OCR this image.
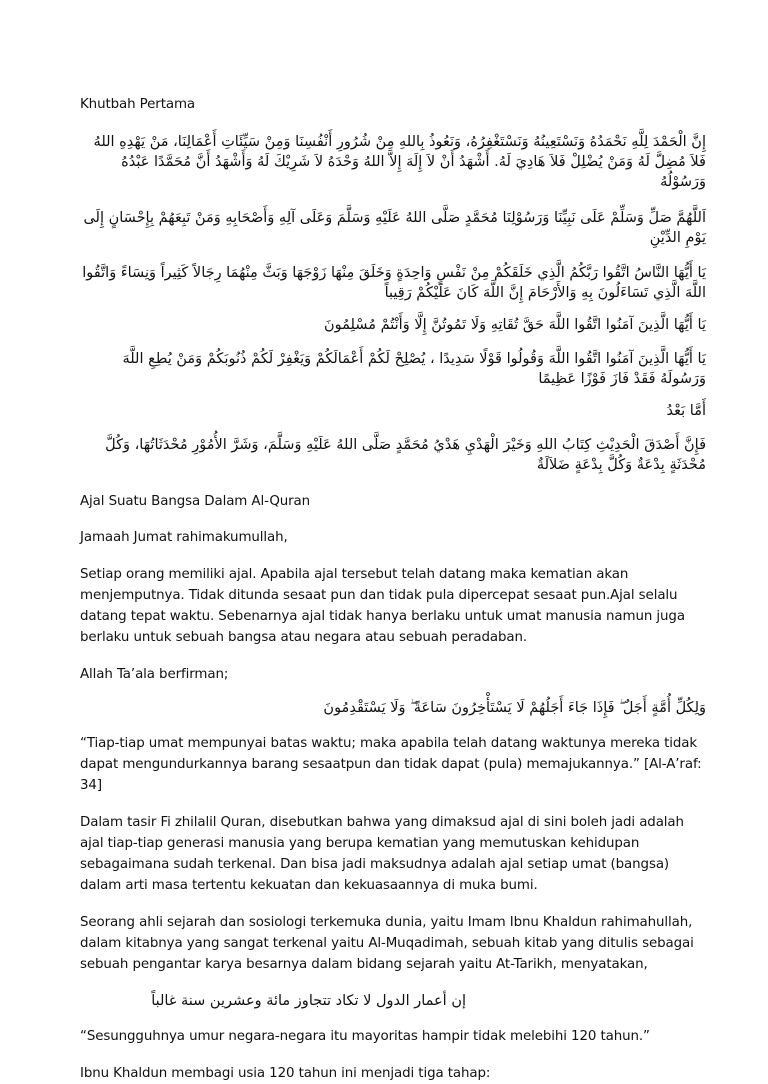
Khutbah Pertama

إِنَّ الْحَمْدَ لِلَّهِ نَحْمَدُهُ وَنَسْتَعِينُهُ وَنَسْتَغْفِرُهُ، وَنَعُوذُ بِاللهِ مِنْ شُرُورِ أَنْفُسِنَا وَمِنْ سَيِّئَاتِ أَعْمَالِنَا، مَنْ يَهْدِهِ اللهُ فَلاَ مُضِلَّ لَهُ وَمَنْ يُضْلِلْ فَلاَ هَادِيَ لَهُ. أَشْهَدُ أَنْ لاَ إِلَهَ إِلاَّ اللهُ وَحْدَهُ لاَ شَرِيْكَ لَهُ وَأَشْهَدُ أَنَّ مُحَمَّدًا عَبْدُهُ وَرَسُوْلُهُ

اَللَّهُمَّ صَلِّ وَسَلِّمْ عَلَى نَبِيِّنَا وَرَسُوْلِنَا مُحَمَّدٍ صَلَّى اللهُ عَلَيْهِ وَسَلَّمَ وَعَلَى آلِهِ وَأَصْحَابِهِ وَمَنْ تَبِعَهُمْ بِإِحْسَانٍ إِلَى يَوْمِ الدِّيْنِ

يَا أَيُّهَا النَّاسُ اتَّقُوا رَبَّكُمُ الَّذِي خَلَقَكُمْ مِنْ نَفْسٍ وَاحِدَةٍ وَخَلَقَ مِنْهَا زَوْجَهَا وَبَثَّ مِنْهُمَا رِجَالاً كَثِيراً وَنِسَاءً وَاتَّقُوا اللَّهَ الَّذِي تَسَاءَلُونَ بِهِ وَالأَرْحَامَ إِنَّ اللَّهَ كَانَ عَلَيْكُمْ رَقِيباً

يَا أَيُّهَا الَّذِينَ آمَنُوا اتَّقُوا اللَّهَ حَقَّ تُقَاتِهِ وَلَا تَمُوتُنَّ إِلَّا وَأَنْتُمْ مُسْلِمُونَ

يَا أَيُّهَا الَّذِينَ آمَنُوا اتَّقُوا اللَّهَ وَقُولُوا قَوْلًا سَدِيدًا ، يُصْلِحْ لَكُمْ أَعْمَالَكُمْ وَيَغْفِرْ لَكُمْ ذُنُوبَكُمْ وَمَنْ يُطِعِ اللَّهَ وَرَسُولَهُ فَقَدْ فَازَ فَوْزًا عَظِيمًا

أَمَّا بَعْدُ

فَإِنَّ أَصْدَقَ الْحَدِيْثِ كِتَابُ اللهِ وَخَيْرَ الْهَدْيِ هَدْيُ مُحَمَّدٍ صَلَّى اللهُ عَلَيْهِ وَسَلَّمَ، وَشَرَّ الأُمُوْرِ مُحْدَثَاتُهَا، وَكُلَّ مُحْدَثَةٍ بِدْعَةٌ وَكُلَّ بِدْعَةٍ ضَلاَلَةٌ

Ajal Suatu Bangsa Dalam Al-Quran

Jamaah Jumat rahimakumullah,

Setiap orang memiliki ajal. Apabila ajal tersebut telah datang maka kematian akan menjemputnya. Tidak ditunda sesaat pun dan tidak pula dipercepat sesaat pun.Ajal selalu datang tepat waktu. Sebenarnya ajal tidak hanya berlaku untuk umat manusia namun juga berlaku untuk sebuah bangsa atau negara atau sebuah peradaban.

Allah Ta’ala berfirman;

وَلِكُلِّ أُمَّةٍ أَجَلٌ ۖ فَإِذَا جَاءَ أَجَلُهُمْ لَا يَسْتَأْخِرُونَ سَاعَةً ۖ وَلَا يَسْتَقْدِمُونَ

“Tiap-tiap umat mempunyai batas waktu; maka apabila telah datang waktunya mereka tidak dapat mengundurkannya barang sesaatpun dan tidak dapat (pula) memajukannya.” [Al-A’raf: 34]

Dalam tasir Fi zhilalil Quran, disebutkan bahwa yang dimaksud ajal di sini boleh jadi adalah ajal tiap-tiap generasi manusia yang berupa kematian yang memutuskan kehidupan sebagaimana sudah terkenal. Dan bisa jadi maksudnya adalah ajal setiap umat (bangsa) dalam arti masa tertentu kekuatan dan kekuasaannya di muka bumi.

Seorang ahli sejarah dan sosiologi terkemuka dunia, yaitu Imam Ibnu Khaldun rahimahullah, dalam kitabnya yang sangat terkenal yaitu Al-Muqadimah, sebuah kitab yang ditulis sebagai sebuah pengantar karya besarnya dalam bidang sejarah yaitu At-Tarikh, menyatakan,

إن أعمار الدول لا تكاد تتجاوز مائة وعشرين سنة غالباً

“Sesungguhnya umur negara-negara itu mayoritas hampir tidak melebihi 120 tahun.”

Ibnu Khaldun membagi usia 120 tahun ini menjadi tiga tahap:
